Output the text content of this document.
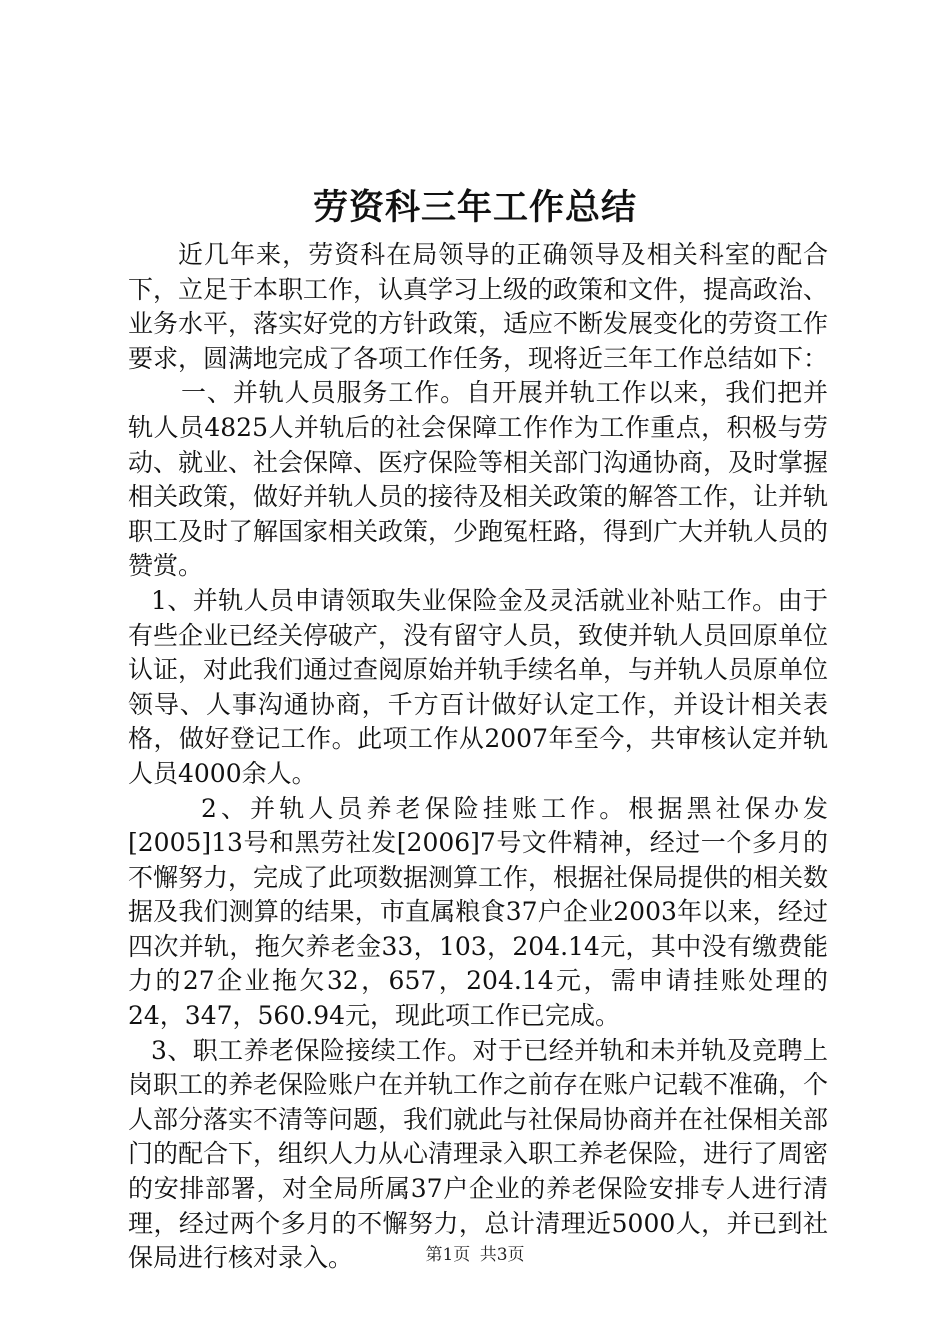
劳资科三年工作总结

近几年来，劳资科在局领导的正确领导及相关科室的配合下，立足于本职工作，认真学习上级的政策和文件，提高政治、业务水平，落实好党的方针政策，适应不断发展变化的劳资工作要求，圆满地完成了各项工作任务，现将近三年工作总结如下：

一、并轨人员服务工作。自开展并轨工作以来，我们把并轨人员4825人并轨后的社会保障工作作为工作重点，积极与劳动、就业、社会保障、医疗保险等相关部门沟通协商，及时掌握相关政策，做好并轨人员的接待及相关政策的解答工作，让并轨职工及时了解国家相关政策，少跑冤枉路，得到广大并轨人员的赞赏。

1、并轨人员申请领取失业保险金及灵活就业补贴工作。由于有些企业已经关停破产，没有留守人员，致使并轨人员回原单位认证，对此我们通过查阅原始并轨手续名单，与并轨人员原单位领导、人事沟通协商，千方百计做好认定工作，并设计相关表格，做好登记工作。此项工作从2007年至今，共审核认定并轨人员4000余人。

2、并轨人员养老保险挂账工作。根据黑社保办发[2005]13号和黑劳社发[2006]7号文件精神，经过一个多月的不懈努力，完成了此项数据测算工作，根据社保局提供的相关数据及我们测算的结果，市直属粮食37户企业2003年以来，经过四次并轨，拖欠养老金33，103，204.14元，其中没有缴费能力的27企业拖欠32，657，204.14元，需申请挂账处理的24，347，560.94元，现此项工作已完成。

3、职工养老保险接续工作。对于已经并轨和未并轨及竞聘上岗职工的养老保险账户在并轨工作之前存在账户记载不准确，个人部分落实不清等问题，我们就此与社保局协商并在社保相关部门的配合下，组织人力从心清理录入职工养老保险，进行了周密的安排部署，对全局所属37户企业的养老保险安排专人进行清理，经过两个多月的不懈努力，总计清理近5000人，并已到社保局进行核对录入。	第1页 共3页
